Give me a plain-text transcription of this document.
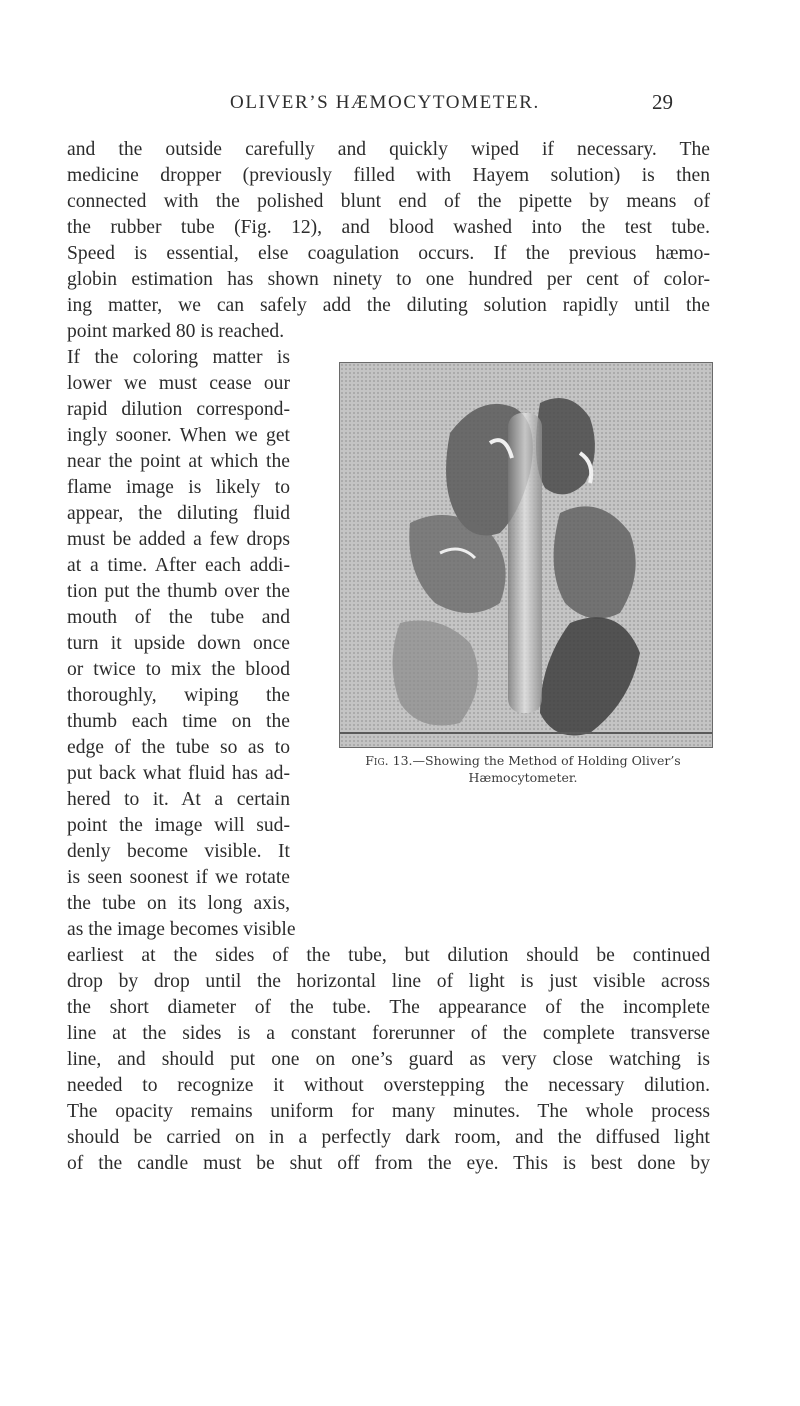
OLIVER’S HÆMOCYTOMETER.	29
and the outside carefully and quickly wiped if necessary. The
medicine dropper (previously filled with Hayem solution) is then
connected with the polished blunt end of the pipette by means of
the rubber tube (Fig. 12), and blood washed into the test tube.
Speed is essential, else coagulation occurs. If the previous hæmo-
globin estimation has shown ninety to one hundred per cent of color-
ing matter, we can safely add the diluting solution rapidly until the
point marked 80 is reached.
If the coloring matter is
lower we must cease our
rapid dilution correspond-
ingly sooner. When we get
near the point at which the
flame image is likely to
appear, the diluting fluid
must be added a few drops
at a time. After each addi-
tion put the thumb over the
mouth of the tube and
turn it upside down once
or twice to mix the blood
thoroughly, wiping the
thumb each time on the
edge of the tube so as to
put back what fluid has ad-
hered to it. At a certain
point the image will sud-
denly become visible. It
is seen soonest if we rotate
the tube on its long axis,
as the image becomes visible
Fig. 13.—Showing the Method of Holding Oliver’s Hæmocytometer.
earliest at the sides of the tube, but dilution should be continued
drop by drop until the horizontal line of light is just visible across
the short diameter of the tube. The appearance of the incomplete
line at the sides is a constant forerunner of the complete transverse
line, and should put one on one’s guard as very close watching is
needed to recognize it without overstepping the necessary dilution.
The opacity remains uniform for many minutes. The whole process
should be carried on in a perfectly dark room, and the diffused light
of the candle must be shut off from the eye. This is best done by
